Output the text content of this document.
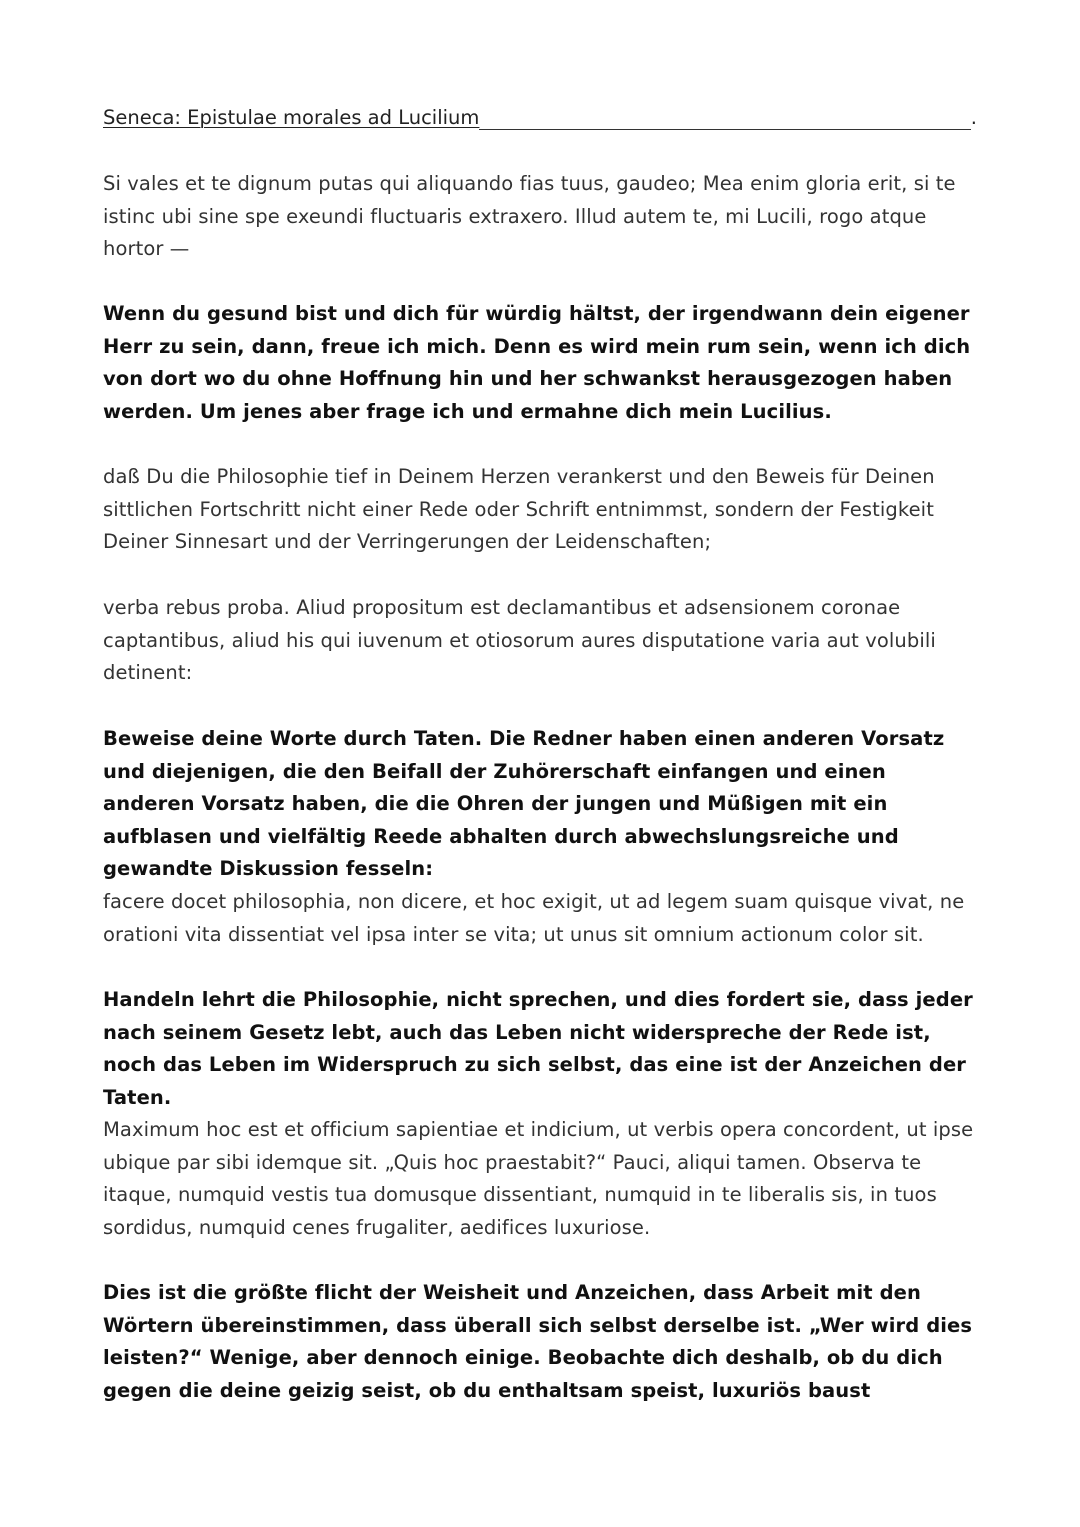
Seneca: Epistulae morales ad Lucilium	.

Si vales et te dignum putas qui aliquando fias tuus, gaudeo; Mea enim gloria erit, si te istinc ubi sine spe exeundi fluctuaris extraxero. Illud autem te, mi Lucili, rogo atque hortor —

Wenn du gesund bist und dich für würdig hältst, der irgendwann dein eigener Herr zu sein, dann, freue ich mich. Denn es wird mein rum sein, wenn ich dich von dort wo du ohne Hoffnung hin und her schwankst herausgezogen haben werden. Um jenes aber frage ich und ermahne dich mein Lucilius.

daß Du die Philosophie tief in Deinem Herzen verankerst und den Beweis für Deinen sittlichen Fortschritt nicht einer Rede oder Schrift entnimmst, sondern der Festigkeit Deiner Sinnesart und der Verringerungen der Leidenschaften;

verba rebus proba. Aliud propositum est declamantibus et adsensionem coronae captantibus, aliud his qui iuvenum et otiosorum aures disputatione varia aut volubili detinent:

Beweise deine Worte durch Taten. Die Redner haben einen anderen Vorsatz und diejenigen, die den Beifall der Zuhörerschaft einfangen und einen anderen Vorsatz haben, die die Ohren der jungen und Müßigen mit ein aufblasen und vielfältig Reede abhalten durch abwechslungsreiche und gewandte Diskussion fesseln:

facere docet philosophia, non dicere, et hoc exigit, ut ad legem suam quisque vivat, ne orationi vita dissentiat vel ipsa inter se vita; ut unus sit omnium actionum color sit.

Handeln lehrt die Philosophie, nicht sprechen, und dies fordert sie, dass jeder nach seinem Gesetz lebt, auch das Leben nicht widerspreche der Rede ist, noch das Leben im Widerspruch zu sich selbst, das eine ist der Anzeichen der Taten.

Maximum hoc est et officium sapientiae et indicium, ut verbis opera concordent, ut ipse ubique par sibi idemque sit. „Quis hoc praestabit?“ Pauci, aliqui tamen. Observa te itaque, numquid vestis tua domusque dissentiant, numquid in te liberalis sis, in tuos sordidus, numquid cenes frugaliter, aedifices luxuriose.

Dies ist die größte flicht der Weisheit und Anzeichen, dass Arbeit mit den Wörtern übereinstimmen, dass überall sich selbst derselbe ist. „Wer wird dies leisten?“ Wenige, aber dennoch einige. Beobachte dich deshalb, ob du dich gegen die deine geizig seist, ob du enthaltsam speist, luxuriös baust
